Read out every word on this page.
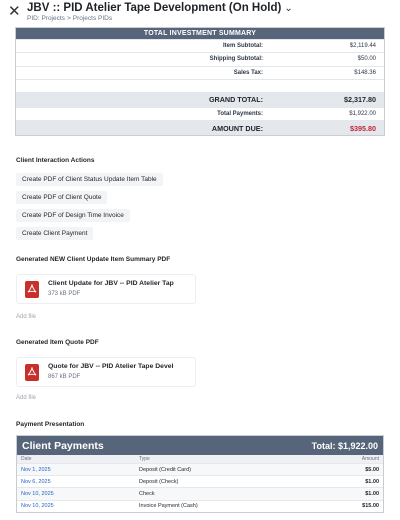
✕ JBV :: PID Atelier Tape Development (On Hold) ⌄
PID: Projects > Projects PIDs
TOTAL INVESTMENT SUMMARY
Item Subtotal:	$2,119.44
Shipping Subtotal:	$50.00
Sales Tax:	$148.36
GRAND TOTAL:	$2,317.80
Total Payments:	$1,922.00
AMOUNT DUE:	$395.80
Client Interaction Actions
Create PDF of Client Status Update Item Table
Create PDF of Client Quote
Create PDF of Design Time Invoice
Create Client Payment
Generated NEW Client Update Item Summary PDF
Client Update for JBV -- PID Atelier Tap
373 kB PDF
Add file
Generated Item Quote PDF
Quote for JBV -- PID Atelier Tape Devel
867 kB PDF
Add file
Payment Presentation
Client Payments	Total: $1,922.00
Date	Type	Amount
Nov 1, 2025	Deposit (Credit Card)	$5.00
Nov 6, 2025	Deposit (Check)	$1.00
Nov 10, 2025	Check	$1.00
Nov 10, 2025	Invoice Payment (Cash)	$15.00
